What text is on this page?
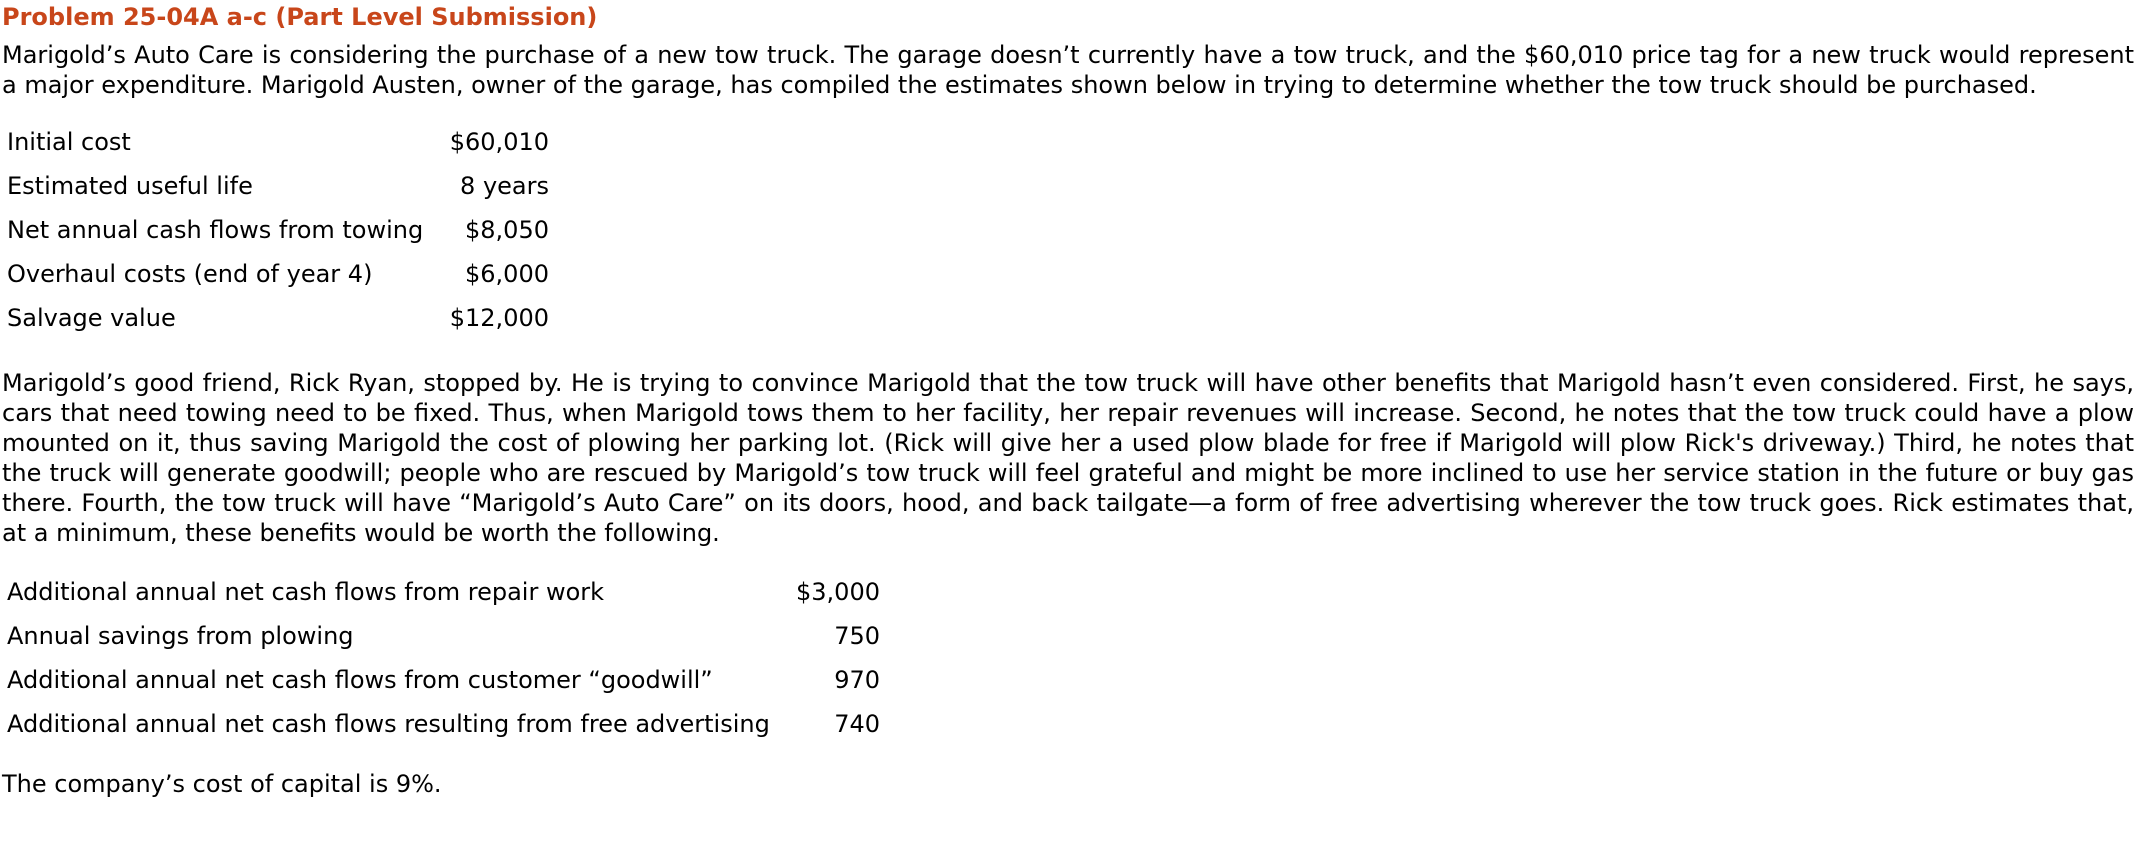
Problem 25-04A a-c (Part Level Submission)

Marigold’s Auto Care is considering the purchase of a new tow truck. The garage doesn’t currently have a tow truck, and the $60,010 price tag for a new truck would represent a major expenditure. Marigold Austen, owner of the garage, has compiled the estimates shown below in trying to determine whether the tow truck should be purchased.

Initial cost	$60,010
Estimated useful life	8 years
Net annual cash flows from towing	$8,050
Overhaul costs (end of year 4)	$6,000
Salvage value	$12,000

Marigold’s good friend, Rick Ryan, stopped by. He is trying to convince Marigold that the tow truck will have other benefits that Marigold hasn’t even considered. First, he says, cars that need towing need to be fixed. Thus, when Marigold tows them to her facility, her repair revenues will increase. Second, he notes that the tow truck could have a plow mounted on it, thus saving Marigold the cost of plowing her parking lot. (Rick will give her a used plow blade for free if Marigold will plow Rick's driveway.) Third, he notes that the truck will generate goodwill; people who are rescued by Marigold’s tow truck will feel grateful and might be more inclined to use her service station in the future or buy gas there. Fourth, the tow truck will have “Marigold’s Auto Care” on its doors, hood, and back tailgate—a form of free advertising wherever the tow truck goes. Rick estimates that, at a minimum, these benefits would be worth the following.

Additional annual net cash flows from repair work	$3,000
Annual savings from plowing	750
Additional annual net cash flows from customer “goodwill”	970
Additional annual net cash flows resulting from free advertising	740

The company’s cost of capital is 9%.
